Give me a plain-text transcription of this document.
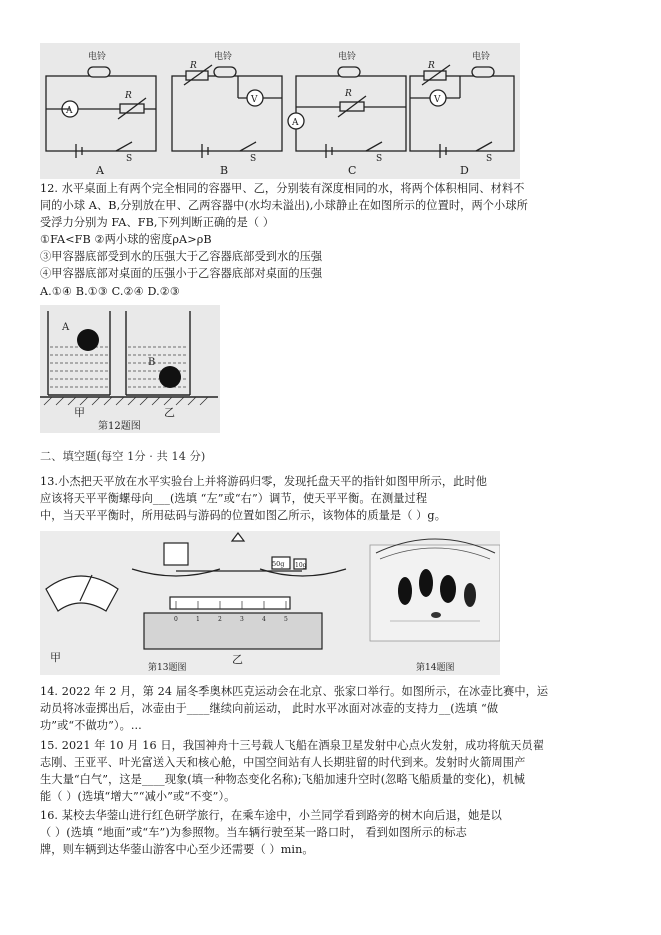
电铃	电铃	电铃	电铃
A
R	V
R
R
A
V
R
S	S	S	S
A	B	C	D
12. 水平桌面上有两个完全相同的容器甲、乙，分别装有深度相同的水，将两个体积相同、材料不
同的小球 A、B,分别放在甲、乙两容器中(水均未溢出),小球静止在如图所示的位置时，两个小球所
受浮力分别为 FA、FB,下列判断正确的是（ ）
①FA<FB ②两小球的密度ρA>ρB
③甲容器底部受到水的压强大于乙容器底部受到水的压强
④甲容器底部对桌面的压强小于乙容器底部对桌面的压强
A.①④ B.①③ C.②④ D.②③
A
B
甲	乙
第12题图
二、填空题(每空 1分 · 共 14 分)
13.小杰把天平放在水平实验台上并将游码归零，发现托盘天平的指针如图甲所示，此时他
应该将天平平衡螺母向___(选填 “左”或“右”）调节，使天平平衡。在测量过程
中，当天平平衡时，所用砝码与游码的位置如图乙所示，该物体的质量是（ ）g。
甲
50g 10g
0	1	2	3	4	5
乙
第13题图	第14题图
14. 2022 年 2 月，第 24 届冬季奥林匹克运动会在北京、张家口举行。如图所示，在冰壶比赛中，运
动员将冰壶掷出后，冰壶由于____继续向前运动， 此时水平冰面对冰壶的支持力__(选填 “做
功”或“不做功”）。...
15. 2021 年 10 月 16 日，我国神舟十三号载人飞船在酒泉卫星发射中心点火发射，成功将航天员翟
志刚、王亚平、叶光富送入天和核心舱，中国空间站有人长期驻留的时代到来。发射时火箭周围产
生大量“白气”，这是____现象(填一种物态变化名称);飞船加速升空时(忽略飞船质量的变化)，机械
能（ ）(选填“增大”“减小”或“不变”）。
16. 某校去华蓥山进行红色研学旅行，在乘车途中，小兰同学看到路旁的树木向后退，她是以
（ ）(选填 “地面”或“车”)为参照物。当车辆行驶至某一路口时， 看到如图所示的标志
牌，则车辆到达华蓥山游客中心至少还需要（ ）min。
